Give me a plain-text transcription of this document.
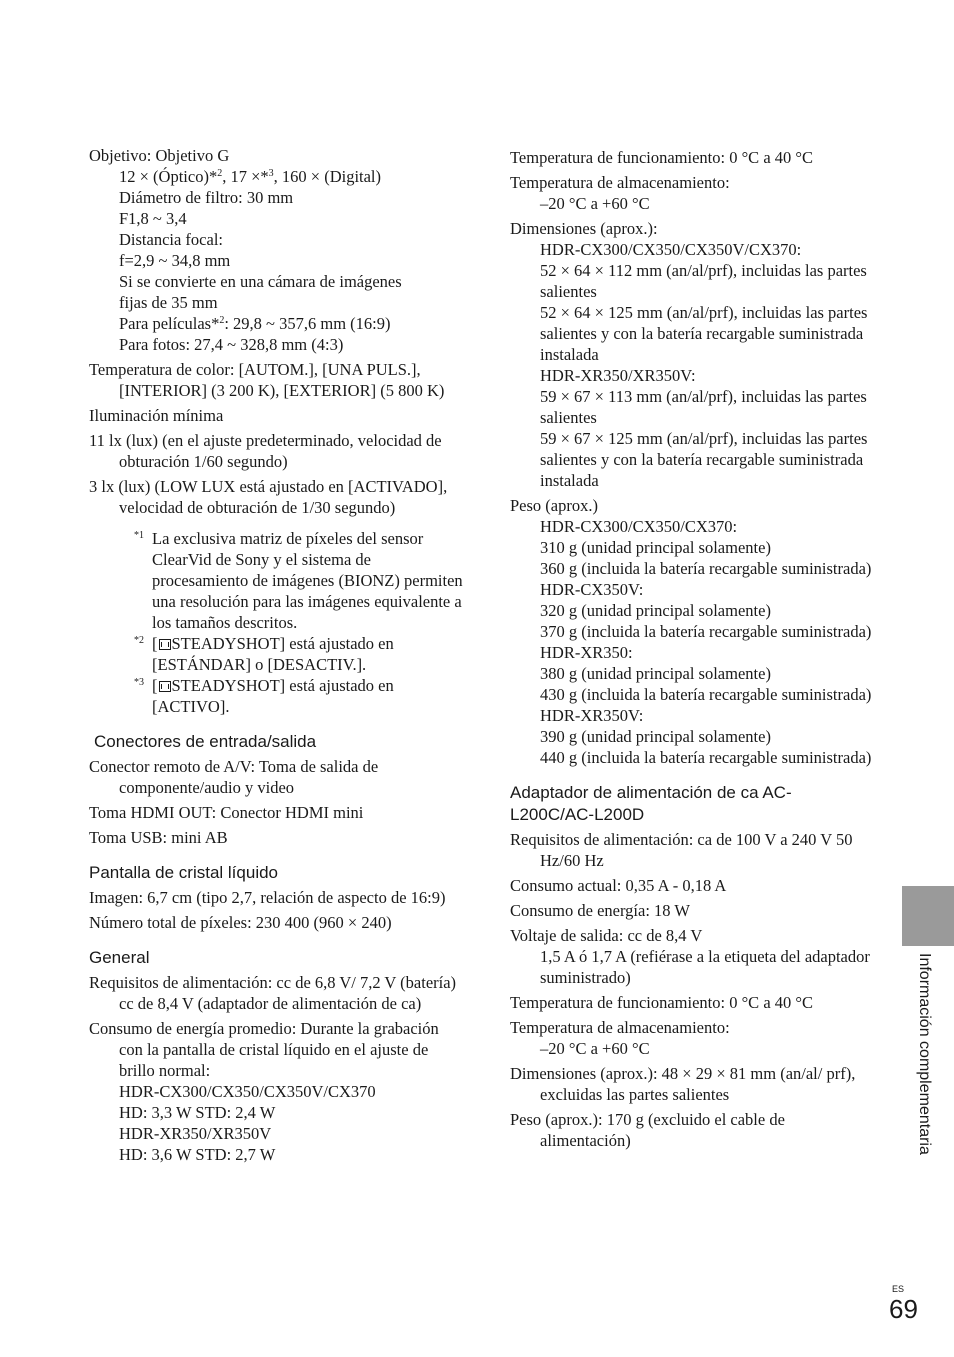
Objetivo: Objetivo G
12 × (Óptico)*$^2$, 17 ×*$^3$, 160 × (Digital)
Diámetro de filtro: 30 mm
F1,8 ~ 3,4
Distancia focal:
f=2,9 ~ 34,8 mm
Si se convierte en una cámara de imágenes
fijas de 35 mm
Para películas*$^2$: 29,8 ~ 357,6 mm (16:9)
Para fotos: 27,4 ~ 328,8 mm (4:3)
Temperatura de color: [AUTOM.], [UNA PULS.], [INTERIOR] (3 200 K), [EXTERIOR] (5 800 K)
Iluminación mínima
11 lx (lux) (en el ajuste predeterminado, velocidad de obturación 1/60 segundo)
3 lx (lux) (LOW LUX está ajustado en [ACTIVADO], velocidad de obturación de 1/30 segundo)
*1 La exclusiva matriz de píxeles del sensor ClearVid de Sony y el sistema de procesamiento de imágenes (BIONZ) permiten una resolución para las imágenes equivalente a los tamaños descritos.
*2 [ STEADYSHOT] está ajustado en [ESTÁNDAR] o [DESACTIV.].
*3 [ STEADYSHOT] está ajustado en [ACTIVO].
Conectores de entrada/salida
Conector remoto de A/V: Toma de salida de componente/audio y video
Toma HDMI OUT: Conector HDMI mini
Toma USB: mini AB
Pantalla de cristal líquido
Imagen: 6,7 cm (tipo 2,7, relación de aspecto de 16:9)
Número total de píxeles: 230 400 (960 × 240)
General
Requisitos de alimentación: cc de 6,8 V/ 7,2 V (batería) cc de 8,4 V (adaptador de alimentación de ca)
Consumo de energía promedio: Durante la grabación con la pantalla de cristal líquido en el ajuste de brillo normal:
HDR-CX300/CX350/CX350V/CX370
HD: 3,3 W STD: 2,4 W
HDR-XR350/XR350V
HD: 3,6 W STD: 2,7 W
Temperatura de funcionamiento: 0 °C a 40 °C
Temperatura de almacenamiento:
–20 °C a +60 °C
Dimensiones (aprox.):
HDR-CX300/CX350/CX350V/CX370:
52 × 64 × 112 mm (an/al/prf), incluidas las partes salientes
52 × 64 × 125 mm (an/al/prf), incluidas las partes salientes y con la batería recargable suministrada instalada
HDR-XR350/XR350V:
59 × 67 × 113 mm (an/al/prf), incluidas las partes salientes
59 × 67 × 125 mm (an/al/prf), incluidas las partes salientes y con la batería recargable suministrada instalada
Peso (aprox.)
HDR-CX300/CX350/CX370:
310 g (unidad principal solamente)
360 g (incluida la batería recargable suministrada)
HDR-CX350V:
320 g (unidad principal solamente)
370 g (incluida la batería recargable suministrada)
HDR-XR350:
380 g (unidad principal solamente)
430 g (incluida la batería recargable suministrada)
HDR-XR350V:
390 g (unidad principal solamente)
440 g (incluida la batería recargable suministrada)
Adaptador de alimentación de ca AC-L200C/AC-L200D
Requisitos de alimentación: ca de 100 V a 240 V 50 Hz/60 Hz
Consumo actual: 0,35 A - 0,18 A
Consumo de energía: 18 W
Voltaje de salida: cc de 8,4 V
1,5 A ó 1,7 A (refiérase a la etiqueta del adaptador suministrado)
Temperatura de funcionamiento: 0 °C a 40 °C
Temperatura de almacenamiento:
–20 °C a +60 °C
Dimensiones (aprox.): 48 × 29 × 81 mm (an/al/ prf), excluidas las partes salientes
Peso (aprox.): 170 g (excluido el cable de alimentación)	Información complementaria
ES
69
